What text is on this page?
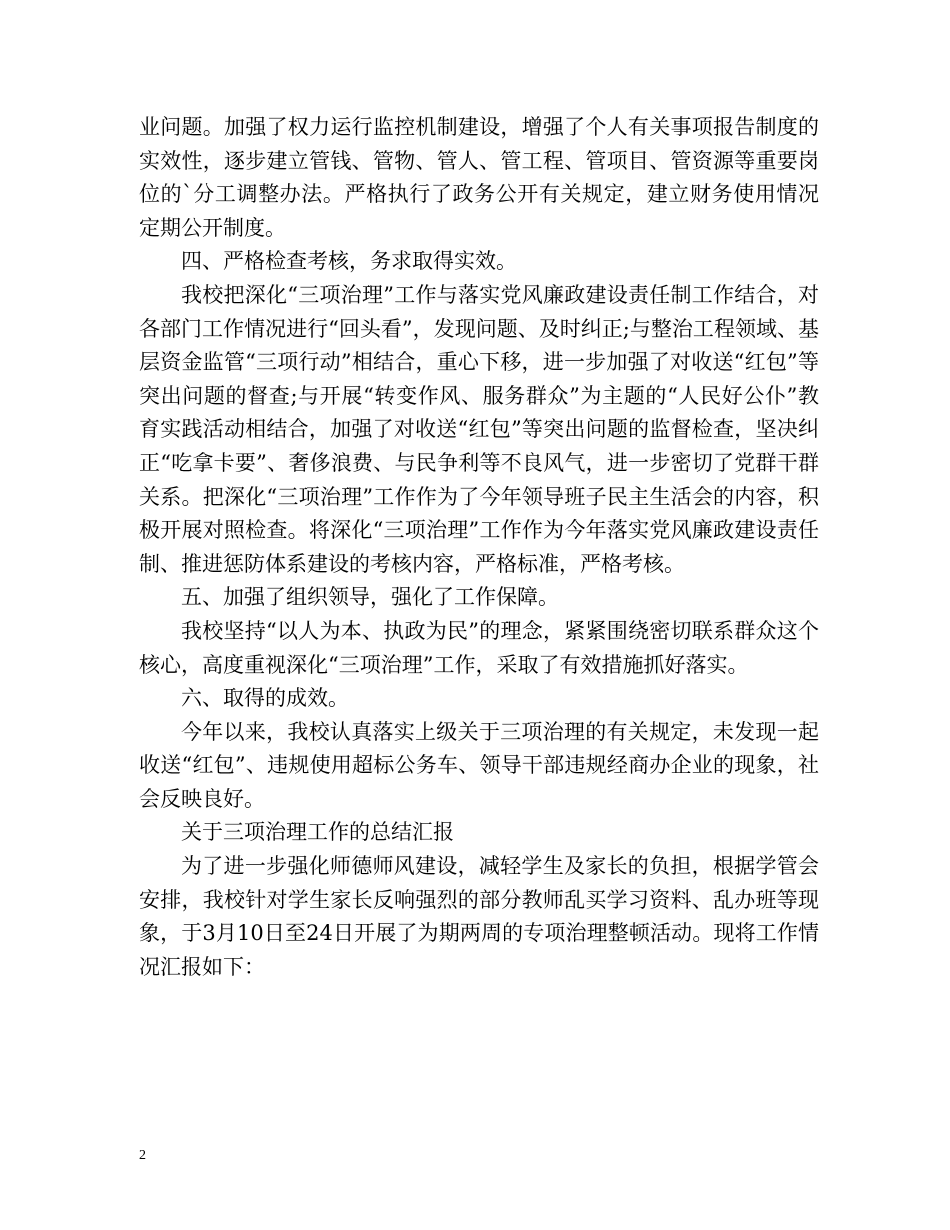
业问题。加强了权力运行监控机制建设，增强了个人有关事项报告制度的实效性，逐步建立管钱、管物、管人、管工程、管项目、管资源等重要岗位的`分工调整办法。严格执行了政务公开有关规定，建立财务使用情况定期公开制度。

四、严格检查考核，务求取得实效。

我校把深化“三项治理”工作与落实党风廉政建设责任制工作结合，对各部门工作情况进行“回头看”，发现问题、及时纠正;与整治工程领域、基层资金监管“三项行动”相结合，重心下移，进一步加强了对收送“红包”等突出问题的督查;与开展“转变作风、服务群众”为主题的“人民好公仆”教育实践活动相结合，加强了对收送“红包”等突出问题的监督检查，坚决纠正“吃拿卡要”、奢侈浪费、与民争利等不良风气，进一步密切了党群干群关系。把深化“三项治理”工作作为了今年领导班子民主生活会的内容，积极开展对照检查。将深化“三项治理”工作作为今年落实党风廉政建设责任制、推进惩防体系建设的考核内容，严格标准，严格考核。

五、加强了组织领导，强化了工作保障。

我校坚持“以人为本、执政为民”的理念，紧紧围绕密切联系群众这个核心，高度重视深化“三项治理”工作，采取了有效措施抓好落实。

六、取得的成效。

今年以来，我校认真落实上级关于三项治理的有关规定，未发现一起收送“红包”、违规使用超标公务车、领导干部违规经商办企业的现象，社会反映良好。

关于三项治理工作的总结汇报

为了进一步强化师德师风建设，减轻学生及家长的负担，根据学管会安排，我校针对学生家长反响强烈的部分教师乱买学习资料、乱办班等现象，于3月10日至24日开展了为期两周的专项治理整顿活动。现将工作情况汇报如下：

2
